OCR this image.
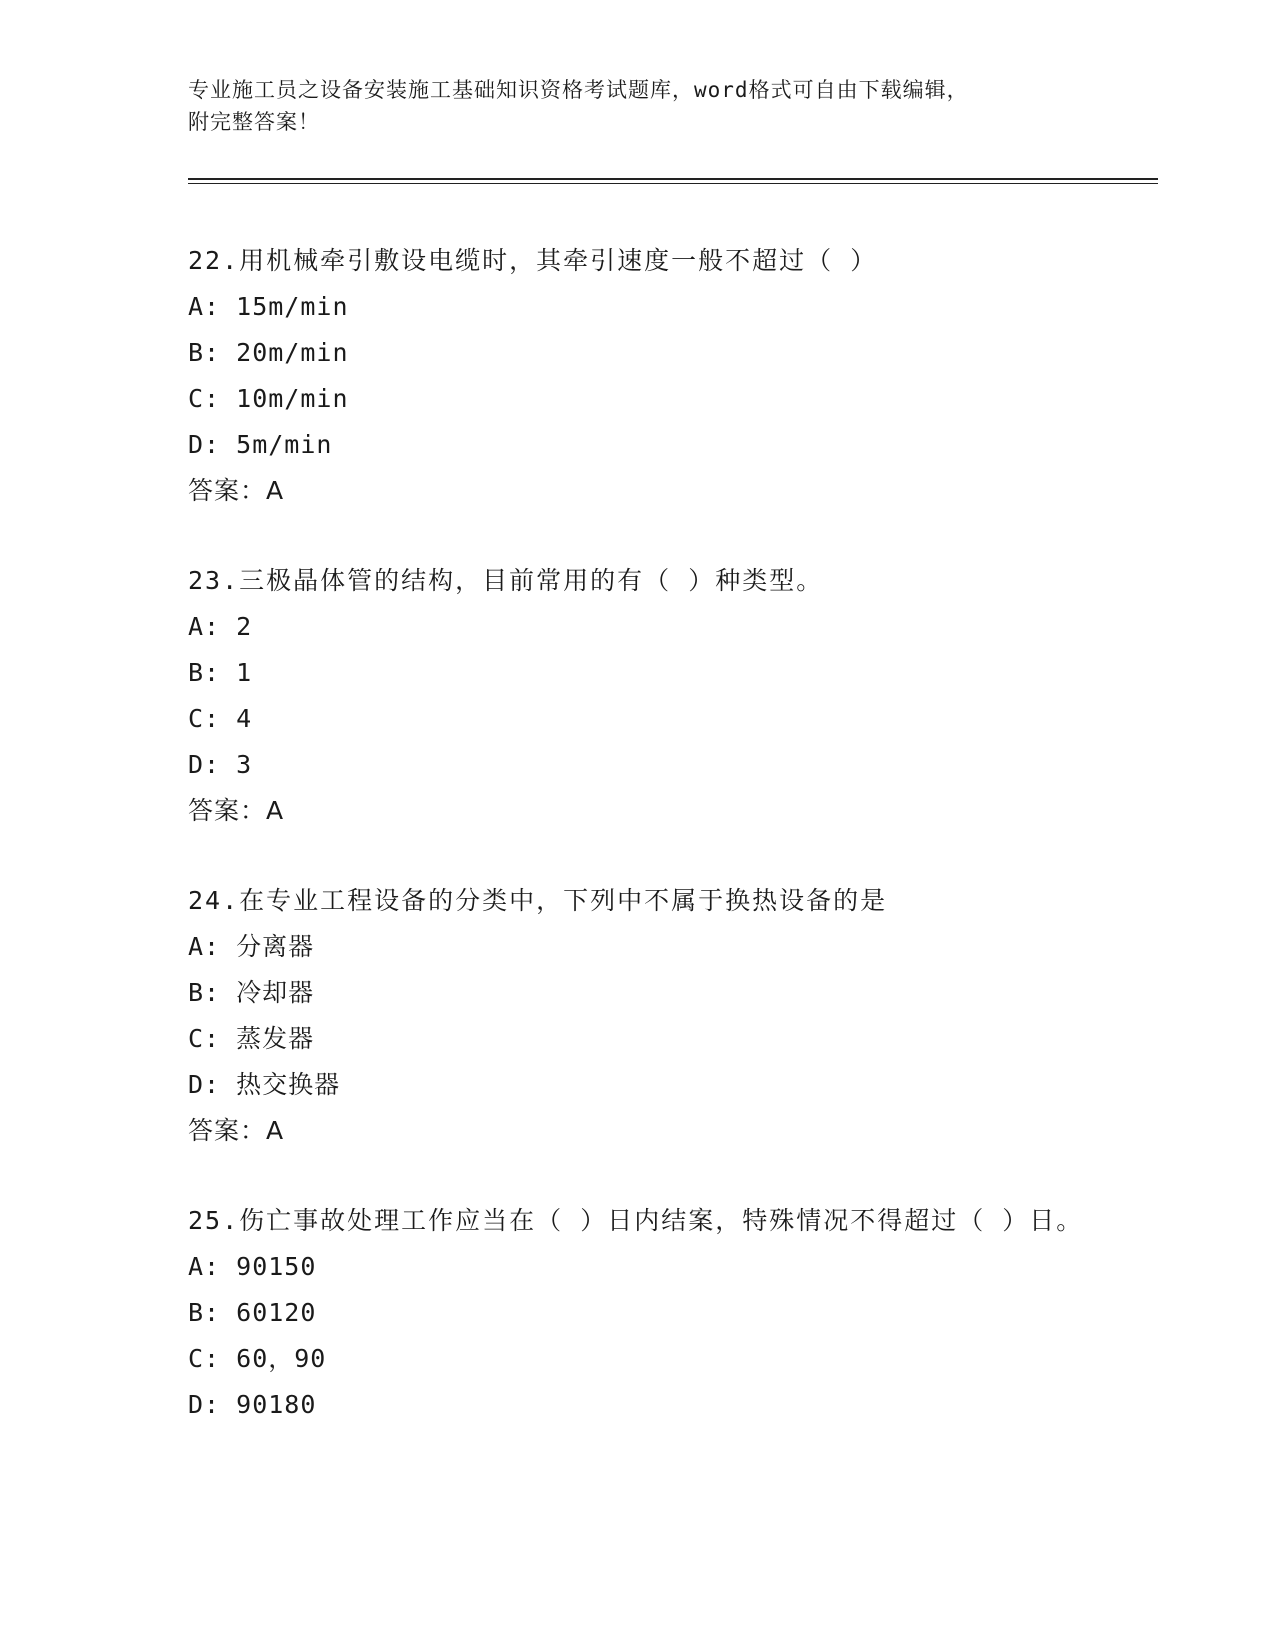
专业施工员之设备安装施工基础知识资格考试题库，word格式可自由下载编辑，
附完整答案！
22.用机械牵引敷设电缆时，其牵引速度一般不超过（ ）
A: 15m/min
B: 20m/min
C: 10m/min
D: 5m/min
答案：A
23.三极晶体管的结构，目前常用的有（ ）种类型。
A: 2
B: 1
C: 4
D: 3
答案：A
24.在专业工程设备的分类中，下列中不属于换热设备的是
A: 分离器
B: 冷却器
C: 蒸发器
D: 热交换器
答案：A
25.伤亡事故处理工作应当在（ ）日内结案，特殊情况不得超过（ ）日。
A: 90150
B: 60120
C: 60，90
D: 90180
